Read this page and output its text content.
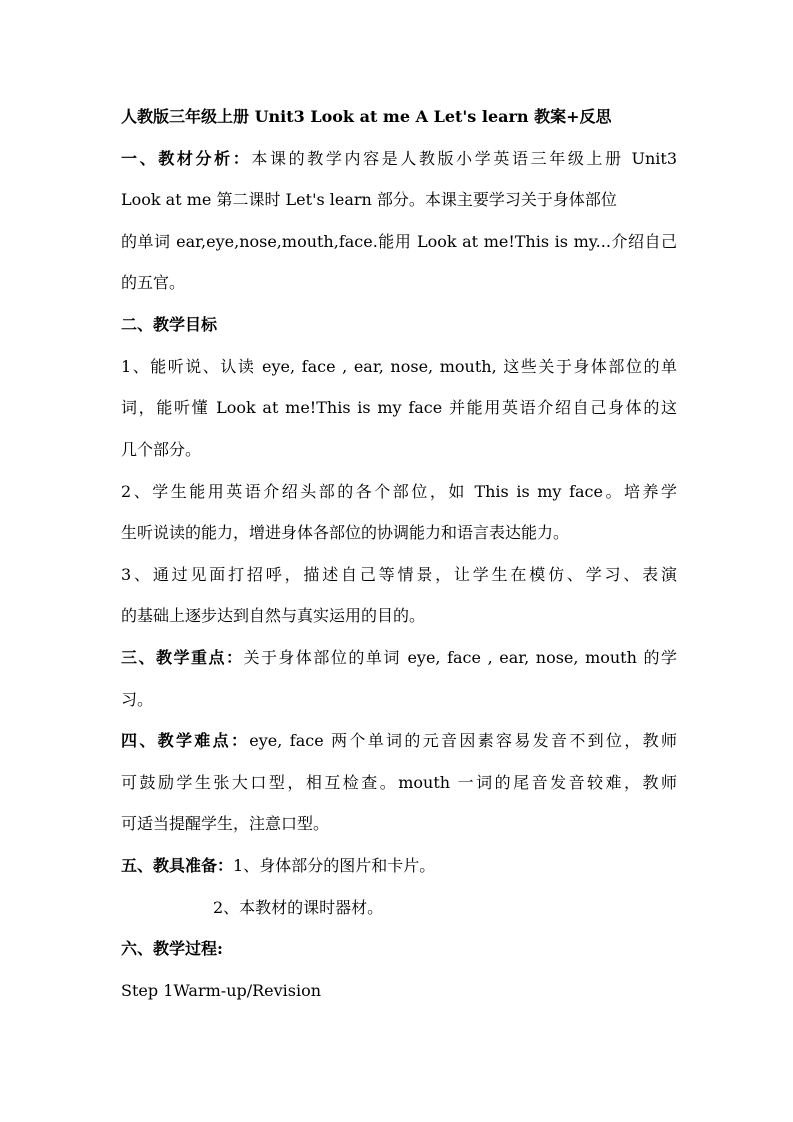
人教版三年级上册 Unit3 Look at me A Let's learn 教案+反思
一、教材分析：本课的教学内容是人教版小学英语三年级上册 Unit3
Look at me 第二课时 Let's learn 部分。本课主要学习关于身体部位
的单词 ear,eye,nose,mouth,face.能用 Look at me!This is my...介绍自己
的五官。
二、教学目标
1、能听说、认读 eye, face , ear, nose, mouth, 这些关于身体部位的单
词，能听懂 Look at me!This is my face 并能用英语介绍自己身体的这
几个部分。
2、学生能用英语介绍头部的各个部位，如 This is my face。培养学
生听说读的能力，增进身体各部位的协调能力和语言表达能力。
3、通过见面打招呼，描述自己等情景，让学生在模仿、学习、表演
的基础上逐步达到自然与真实运用的目的。
三、教学重点：关于身体部位的单词 eye, face , ear, nose, mouth 的学
习。
四、教学难点：eye, face 两个单词的元音因素容易发音不到位，教师
可鼓励学生张大口型，相互检查。mouth 一词的尾音发音较难，教师
可适当提醒学生，注意口型。
五、教具准备：1、身体部分的图片和卡片。
2、本教材的课时器材。
六、教学过程:
Step 1Warm-up/Revision
